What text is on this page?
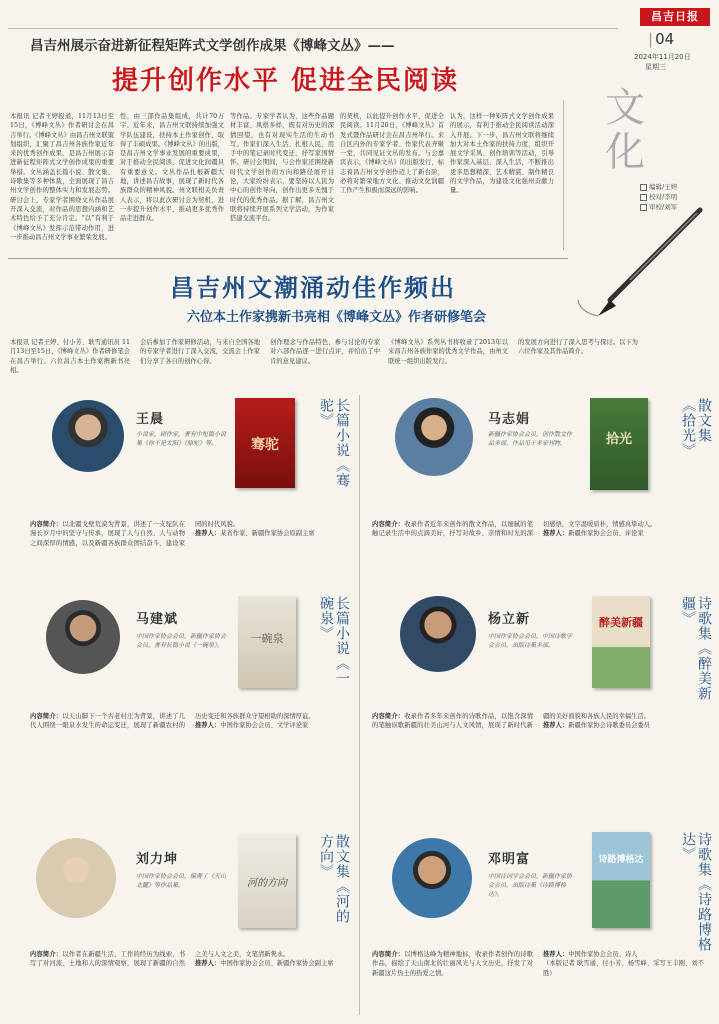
昌吉日报
| 04
2024年11月20日
星期三
昌吉州展示奋进新征程矩阵式文学创作成果《博峰文丛》——
提升创作水平 促进全民阅读
本报讯 记者王婷报道，11月13日至15日，《博峰文丛》作者研讨会在昌吉举行。《博峰文丛》由昌吉州文联策划组织，汇聚了昌吉州各族作家近年来的优秀创作成果，是昌吉州展示奋进新征程矩阵式文学创作成果的重要举措。文丛涵盖长篇小说、散文集、诗歌集等多种体裁，全面展现了昌吉州文学创作的整体实力和发展态势。研讨会上，专家学者围绕文丛作品展开深入交流，对作品的思想内涵和艺术特色给予了充分肯定。“以”有利于《博峰文丛》发挥示范带动作用，进一步推动昌吉州文学事业繁荣发展。
性，由三部作品集组成，共计70万字。近年来，昌吉州文联持续加强文学队伍建设，扶持本土作家创作，取得了丰硕成果。《博峰文丛》的出版，是昌吉州文学事业发展的重要成果，对于推动全民阅读、促进文化润疆具有重要意义。文丛作品扎根新疆大地，讲述昌吉故事，展现了新时代各族群众的精神风貌。州文联相关负责人表示，将以此次研讨会为契机，进一步提升创作水平，推动更多优秀作品走进群众。
等作品。专家学者认为，这些作品题材丰富、风格多样，既有对历史的深情回望，也有对现实生活的生动书写。作家们深入生活、扎根人民，用手中的笔记录时代变迁，抒写家国情怀。研讨会期间，与会作家还围绕新时代文学创作的方向和路径展开讨论，大家纷纷表示，要坚持以人民为中心的创作导向，创作出更多无愧于时代的优秀作品。据了解，昌吉州文联将持续开展系列文学活动，为作家搭建交流平台。
的契机，以此提升创作水平，促进全民阅读。11月20日，《博峰文丛》首发式暨作品研讨会在昌吉州举行。来自区内外的专家学者、作家代表齐聚一堂，共同见证文丛的发布。与会嘉宾表示，《博峰文丛》的出版发行，标志着昌吉州文学创作迈上了新台阶，必将对繁荣地方文化、推动文化润疆工作产生积极而深远的影响。
认为，这样一种矩阵式文学创作成果的展示，有利于推动全民阅读活动深入开展。下一步，昌吉州文联将继续加大对本土作家的扶持力度，组织开展文学采风、创作培训等活动，引导作家深入基层、深入生活，不断推出更多思想精深、艺术精湛、制作精良的文学作品，为建设文化强州贡献力量。
文化
编辑/王婷
校对/李明
审校/刘军
昌吉州文潮涌动佳作频出
六位本土作家携新书亮相《博峰文丛》作者研修笔会
本报讯 记者王婷、付小芳、耿雪通讯员 11月13日至15日，《博峰文丛》作者研修笔会在昌吉举行。六位昌吉本土作家携新书亮相。
会后参加了作家研修活动，与来自全国各地的专家学者进行了深入交流，交流会上作家们分享了各自的创作心得。
创作理念与作品特色，参与讨论的专家对六部作品逐一进行点评，并给出了中肯的意见建议。
《博峰文丛》系列丛书将收录了2013年以来昌吉州各族作家的优秀文学作品，由州文联统一组织出版发行。
的发展方向进行了深入思考与探讨。以下为六位作家及其作品简介。
王晨
小说家，剧作家，著有中短篇小说集《你不是太阳》《骆驼》等。	骞驼	长篇小说《骞驼》
内容简介：以北疆戈壁荒漠为背景，讲述了一支驼队在漫长岁月中的坚守与传承，展现了人与自然、人与动物之间深厚的情感，以及新疆各族群众团结奋斗、建设家园的时代风貌。
推荐人：某省作家、新疆作家协会原副主席
马志娟
新疆作家协会会员，创作散文作品多部，作品见于多家刊物。	拾光	散文集《拾光》
内容简介：收录作者近年来创作的散文作品，以细腻的笔触记录生活中的点滴美好，抒写对故乡、亲情和时光的深切感悟，文字温暖质朴，情感真挚动人。
推荐人：新疆作家协会会员、评论家
马建斌
中国作家协会会员，新疆作家协会会员，著有长篇小说《一碗泉》。
一碗泉	长篇小说《一碗泉》
内容简介：以天山脚下一个古老村庄为背景，讲述了几代人围绕一眼泉水发生的命运变迁，展现了新疆农村的历史变迁和各族群众守望相助的深情厚谊。
推荐人：中国作家协会会员、文学评论家
杨立新
中国作家协会会员，中国诗歌学会会员，出版诗集多部。
醉美新疆	诗歌集《醉美新疆》
内容简介：收录作者多年来创作的诗歌作品，以饱含深情的笔触讴歌新疆的壮美山河与人文风情，展现了新时代新疆的美好面貌和各族人民的幸福生活。
推荐人：新疆作家协会诗歌委员会委员
刘力坤
中国作家协会会员，编著了《天山北麓》等作品集。	河的方向
散文集《河的方向》
内容简介：以作者在新疆生活、工作的经历为线索，书写了对河流、土地和人的深情观察，展现了新疆的自然之美与人文之美，文笔清新隽永。
推荐人：中国作家协会会员、新疆作家协会副主席
邓明富
中国诗词学会会员，新疆作家协会会员，出版诗集《诗路博格达》。
诗路博格达	诗歌集《诗路博格达》
内容简介：以博格达峰为精神地标，收录作者创作的诗歌作品，描绘了天山南北的壮丽风光与人文历史，抒发了对新疆这片热土的热爱之情。
推荐人：中国作家协会会员、诗人
（本版记者 耿雪通、付小芳、杨雪峰、采写王丰刚、刘不胜）
